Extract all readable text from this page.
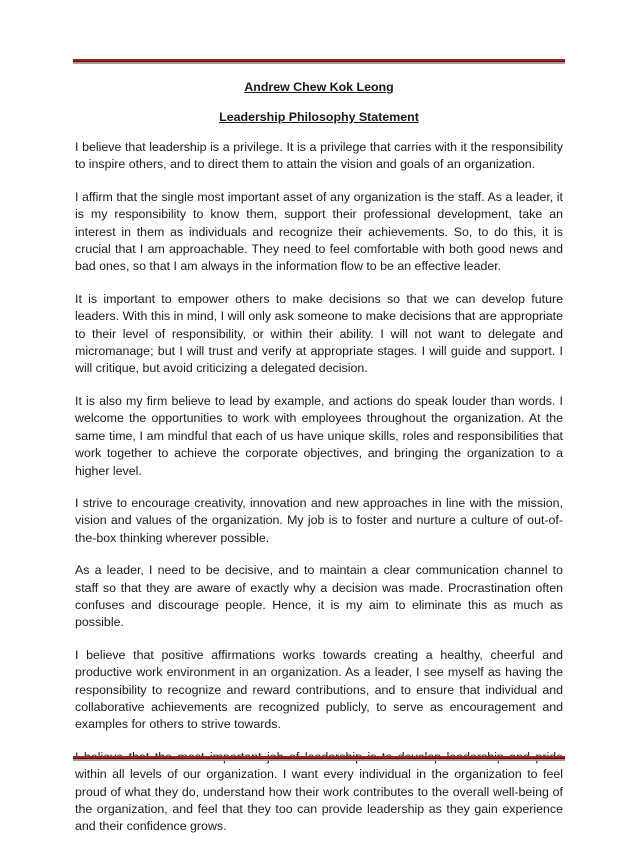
Andrew Chew Kok Leong

Leadership Philosophy Statement

I believe that leadership is a privilege. It is a privilege that carries with it the responsibility to inspire others, and to direct them to attain the vision and goals of an organization.

I affirm that the single most important asset of any organization is the staff. As a leader, it is my responsibility to know them, support their professional development, take an interest in them as individuals and recognize their achievements. So, to do this, it is crucial that I am approachable. They need to feel comfortable with both good news and bad ones, so that I am always in the information flow to be an effective leader.

It is important to empower others to make decisions so that we can develop future leaders. With this in mind, I will only ask someone to make decisions that are appropriate to their level of responsibility, or within their ability. I will not want to delegate and micromanage; but I will trust and verify at appropriate stages. I will guide and support. I will critique, but avoid criticizing a delegated decision.

It is also my firm believe to lead by example, and actions do speak louder than words. I welcome the opportunities to work with employees throughout the organization. At the same time, I am mindful that each of us have unique skills, roles and responsibilities that work together to achieve the corporate objectives, and bringing the organization to a higher level.

I strive to encourage creativity, innovation and new approaches in line with the mission, vision and values of the organization. My job is to foster and nurture a culture of out-of-the-box thinking wherever possible.

As a leader, I need to be decisive, and to maintain a clear communication channel to staff so that they are aware of exactly why a decision was made. Procrastination often confuses and discourage people. Hence, it is my aim to eliminate this as much as possible.

I believe that positive affirmations works towards creating a healthy, cheerful and productive work environment in an organization. As a leader, I see myself as having the responsibility to recognize and reward contributions, and to ensure that individual and collaborative achievements are recognized publicly, to serve as encouragement and examples for others to strive towards.

within all levels of our organization. I want every individual in the organization to feel proud of what they do, understand how their work contributes to the overall well-being of the organization, and feel that they too can provide leadership as they gain experience and their confidence grows.
